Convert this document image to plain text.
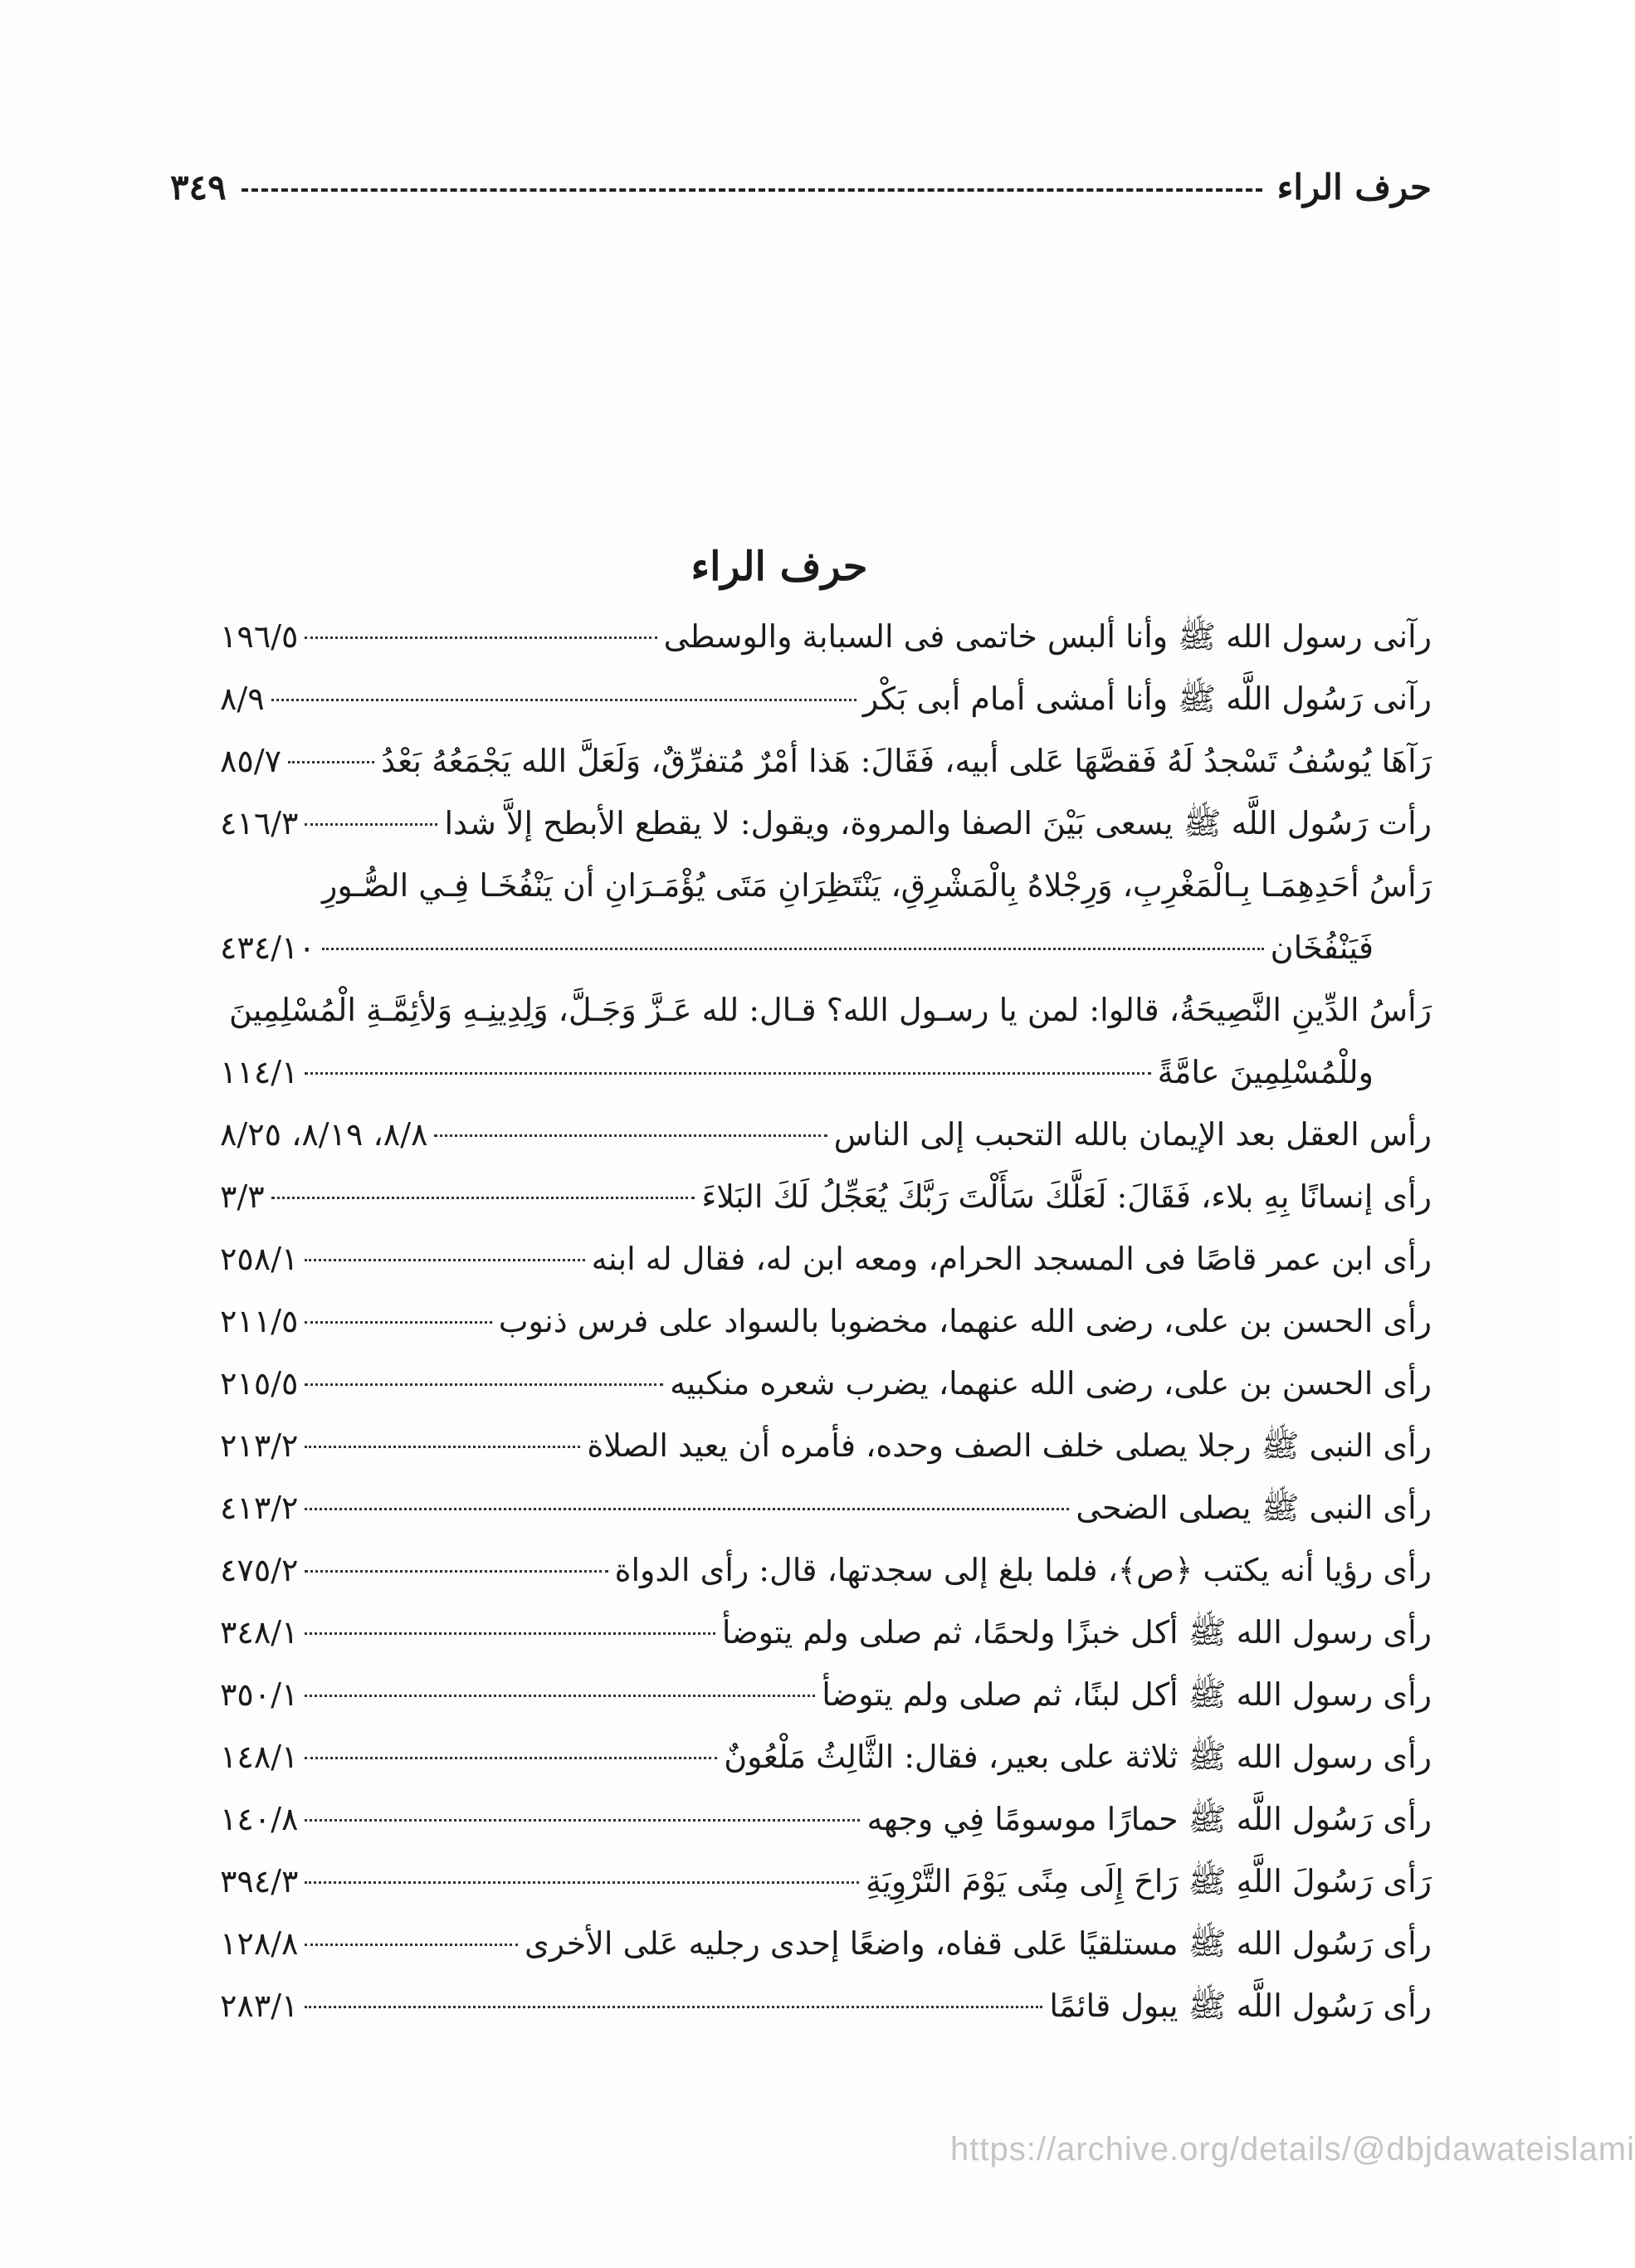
حرف الراء
٣٤٩
حرف الراء
رآنى رسول الله ﷺ وأنا ألبس خاتمى فى السبابة والوسطى
١٩٦/٥
رآنى رَسُول اللَّه ﷺ وأنا أمشى أمام أبى بَكْر
٨/٩
رَآهَا يُوسُفُ تَسْجدُ لَهُ فَقصَّهَا عَلى أبيه، فَقَالَ: هَذا أمْرٌ مُتفرِّقٌ، وَلَعَلَّ الله يَجْمَعُهُ بَعْدُ
٨٥/٧
رأت رَسُول اللَّه ﷺ يسعى بَيْنَ الصفا والمروة، ويقول: لا يقطع الأبطح إلاَّ شدا
٤١٦/٣
رَأسُ أحَدِهِمَـا بِـالْمَغْرِبِ، وَرِجْلاهُ بِالْمَشْرِقِ، يَنْتَظِرَانِ مَتَى يُؤْمَـرَانِ أن يَنْفُخَـا فِـي الصُّـورِ
فَيَنْفُخَان
٤٣٤/١٠
رَأسُ الدِّينِ النَّصِيحَةُ، قالوا: لمن يا رسـول الله؟ قـال: لله عَـزَّ وَجَـلَّ، وَلِدِينِـهِ وَلأئِمَّـةِ الْمُسْلِمِينَ
وللْمُسْلِمِينَ عامَّةً
١١٤/١
رأس العقل بعد الإيمان بالله التحبب إلى الناس
٨/٨، ٨/١٩، ٨/٢٥
رأى إنسانًا بِهِ بلاء، فَقَالَ: لَعَلَّكَ سَأَلْتَ رَبَّكَ يُعَجِّلُ لَكَ البَلاءَ
٣/٣
رأى ابن عمر قاصًا فى المسجد الحرام، ومعه ابن له، فقال له ابنه
٢٥٨/١
رأى الحسن بن على، رضى الله عنهما، مخضوبا بالسواد على فرس ذنوب
٢١١/٥
رأى الحسن بن على، رضى الله عنهما، يضرب شعره منكبيه
٢١٥/٥
رأى النبى ﷺ رجلا يصلى خلف الصف وحده، فأمره أن يعيد الصلاة
٢١٣/٢
رأى النبى ﷺ يصلى الضحى
٤١٣/٢
رأى رؤيا أنه يكتب ﴿ص﴾، فلما بلغ إلى سجدتها، قال: رأى الدواة
٤٧٥/٢
رأى رسول الله ﷺ أكل خبزًا ولحمًا، ثم صلى ولم يتوضأ
٣٤٨/١
رأى رسول الله ﷺ أكل لبنًا، ثم صلى ولم يتوضأ
٣٥٠/١
رأى رسول الله ﷺ ثلاثة على بعير، فقال: الثَّالِثُ مَلْعُونٌ
١٤٨/١
رأى رَسُول اللَّه ﷺ حمارًا موسومًا فِي وجهه
١٤٠/٨
رَأى رَسُولَ اللَّهِ ﷺ رَاحَ إِلَى مِنًى يَوْمَ التَّرْوِيَةِ
٣٩٤/٣
رأى رَسُول الله ﷺ مستلقيًا عَلى قفاه، واضعًا إحدى رجليه عَلى الأخرى
١٢٨/٨
رأى رَسُول اللَّه ﷺ يبول قائمًا
٢٨٣/١
https://archive.org/details/@dbjdawateislami
